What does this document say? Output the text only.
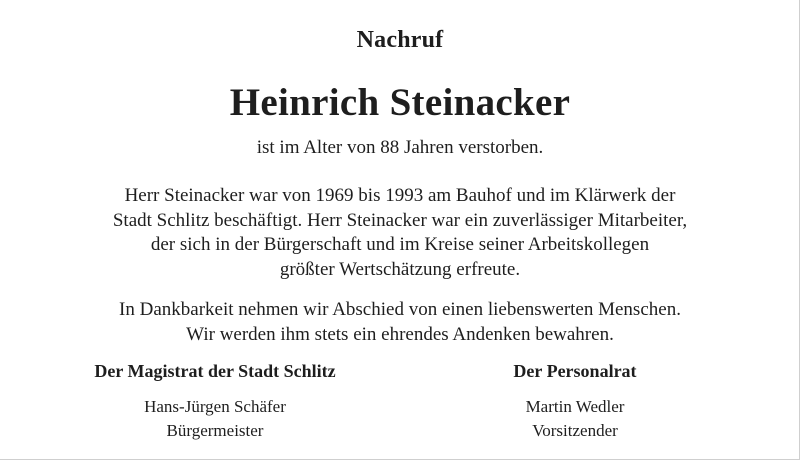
Nachruf
Heinrich Steinacker
ist im Alter von 88 Jahren verstorben.
Herr Steinacker war von 1969 bis 1993 am Bauhof und im Klärwerk der
Stadt Schlitz beschäftigt. Herr Steinacker war ein zuverlässiger Mitarbeiter,
der sich in der Bürgerschaft und im Kreise seiner Arbeitskollegen
größter Wertschätzung erfreute.
In Dankbarkeit nehmen wir Abschied von einen liebenswerten Menschen.
Wir werden ihm stets ein ehrendes Andenken bewahren.
Der Magistrat der Stadt Schlitz
Hans-Jürgen Schäfer
Bürgermeister
Der Personalrat
Martin Wedler
Vorsitzender
